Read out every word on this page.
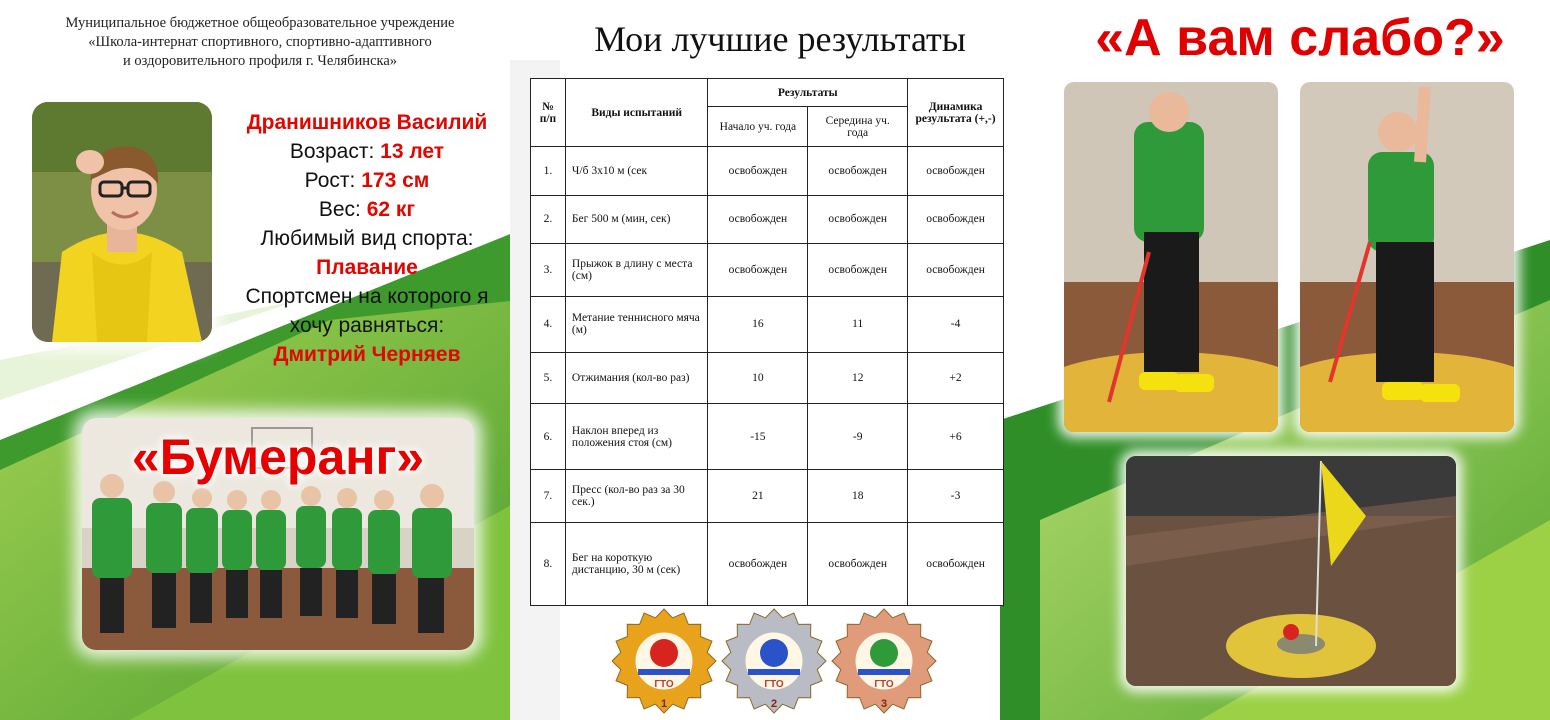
Муниципальное бюджетное общеобразовательное учреждение
«Школа-интернат спортивного, спортивно-адаптивного
и оздоровительного профиля г. Челябинска»
Дранишников Василий
Возраст: 13 лет
Рост: 173 см
Вес: 62 кг
Любимый вид спорта:
Плавание
Спортсмен на которого я
хочу равняться:
Дмитрий Черняев
«Бумеранг»
Мои лучшие результаты
№ п/п	Виды испытаний	Результаты		Динамика результата (+,-)
		Начало уч. года	Середина уч. года	
1.	Ч/б 3х10 м (сек	освобожден	освобожден	освобожден
2.	Бег 500 м (мин, сек)	освобожден	освобожден	освобожден
3.	Прыжок в длину с места (см)	освобожден	освобожден	освобожден
4.	Метание теннисного мяча (м)	16	11	-4
5.	Отжимания (кол-во раз)	10	12	+2
6.	Наклон вперед из положения стоя (см)	-15	-9	+6
7.	Пресс (кол-во раз за 30 сек.)	21	18	-3
8.	Бег на короткую дистанцию, 30 м (сек)	освобожден	освобожден	освобожден
ГТО
1
ГТО
2
ГТО
3
«А вам слабо?»
